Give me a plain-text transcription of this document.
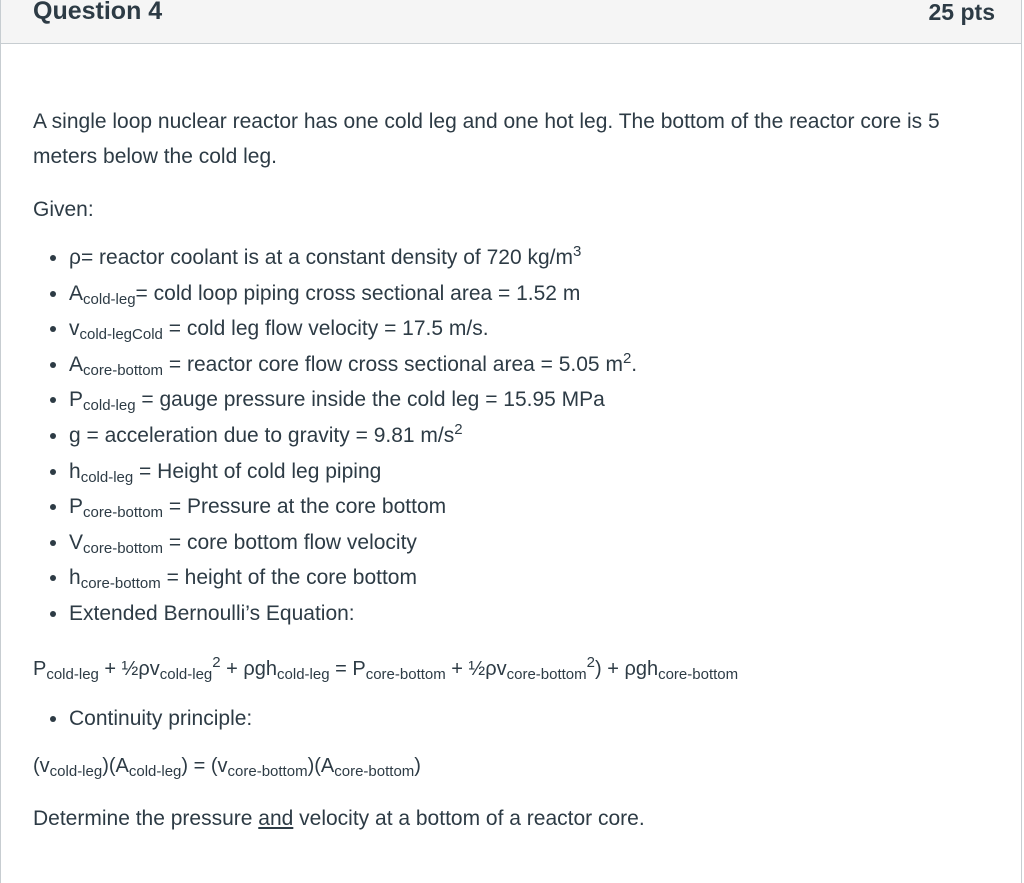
Question 4	25 pts

A single loop nuclear reactor has one cold leg and one hot leg. The bottom of the reactor core is 5 meters below the cold leg.

Given:

• ρ= reactor coolant is at a constant density of 720 $kg/m^3$
• $A_{cold-leg}=$ cold loop piping cross sectional area = 1.52 m
• $v_{cold-legCold}$ = cold leg flow velocity = 17.5 m/s.
• $A_{core-bottom}$ = reactor core flow cross sectional area = 5.05 $m^2$.
• $P_{cold-leg}$ = gauge pressure inside the cold leg = 15.95 MPa
• g = acceleration due to gravity = 9.81 $m/s^2$
• $h_{cold-leg}$ = Height of cold leg piping
• $P_{core-bottom}$ = Pressure at the core bottom
• $V_{core-bottom}$ = core bottom flow velocity
• $h_{core-bottom}$ = height of the core bottom
• Extended Bernoulli’s Equation:

$P_{cold-leg}$ + $\frac{1}{2}\rho v_{cold-leg}^2 + \rho gh_{cold-leg} = P_{core-bottom}$ + $\frac{1}{2}\rho v_{core-bottom}^2) + \rho gh_{core-bottom}$

• Continuity principle:

$(v_{cold-leg})(A_{cold-leg}) = (v_{core-bottom})(A_{core-bottom})$

Determine the pressure and velocity at a bottom of a reactor core.
